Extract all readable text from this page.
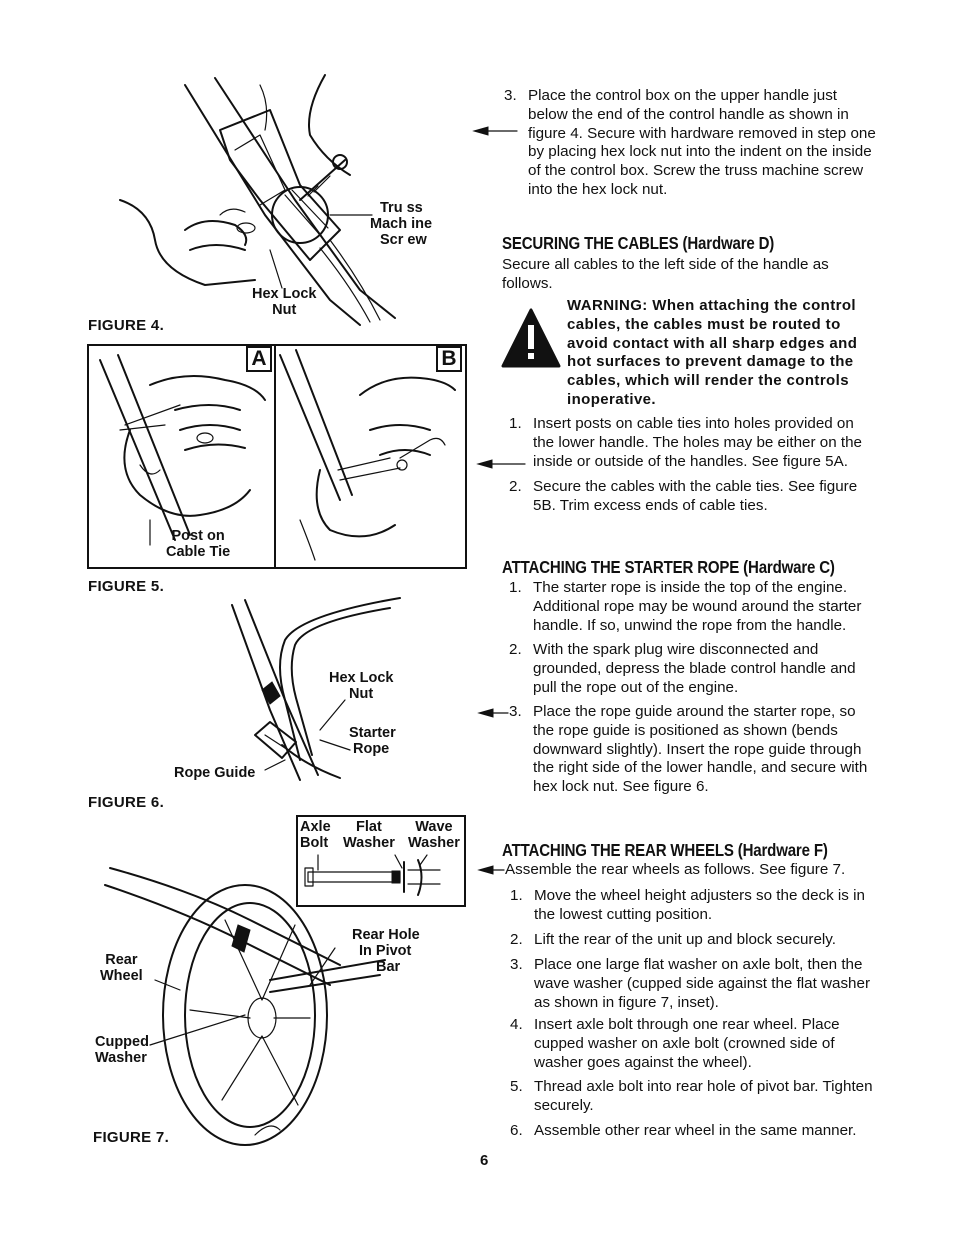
Tru ss
Mach ine
Scr ew
Hex Lock
Nut
FIGURE 4.
A	B
Post on
Cable Tie
FIGURE 5.
Hex Lock
Nut
Starter
Rope
Rope Guide
FIGURE 6.
Axle
Bolt
Flat
Washer
Wave
Washer
Rear Hole
In Pivot
Bar
Rear
Wheel
Cupped
Washer
FIGURE 7.
3. Place the control box on the upper handle just below the end of the control handle as shown in figure 4. Secure with hardware removed in step one by placing hex lock nut into the indent on the inside of the control box. Screw the truss machine screw into the hex lock nut.
SECURING THE CABLES (Hardware D)
Secure all cables to the left side of the handle as follows.
WARNING: When attaching the control cables, the cables must be routed to avoid contact with all sharp edges and hot surfaces to prevent damage to the cables, which will render the controls inoperative.
1. Insert posts on cable ties into holes provided on the lower handle. The holes may be either on the inside or outside of the handles. See figure 5A.
2. Secure the cables with the cable ties. See figure 5B. Trim excess ends of cable ties.
ATTACHING THE STARTER ROPE (Hardware C)
1. The starter rope is inside the top of the engine. Additional rope may be wound around the starter handle. If so, unwind the rope from the handle.
2. With the spark plug wire disconnected and grounded, depress the blade control handle and pull the rope out of the engine.
3. Place the rope guide around the starter rope, so the rope guide is positioned as shown (bends downward slightly). Insert the rope guide through the right side of the lower handle, and secure with hex lock nut. See figure 6.
ATTACHING THE REAR WHEELS (Hardware F)
Assemble the rear wheels as follows. See figure 7.
1. Move the wheel height adjusters so the deck is in the lowest cutting position.
2. Lift the rear of the unit up and block securely.
3. Place one large flat washer on axle bolt, then the wave washer (cupped side against the flat washer as shown in figure 7, inset).
4. Insert axle bolt through one rear wheel. Place cupped washer on axle bolt (crowned side of washer goes against the wheel).
5. Thread axle bolt into rear hole of pivot bar. Tighten securely.
6. Assemble other rear wheel in the same manner.
6
